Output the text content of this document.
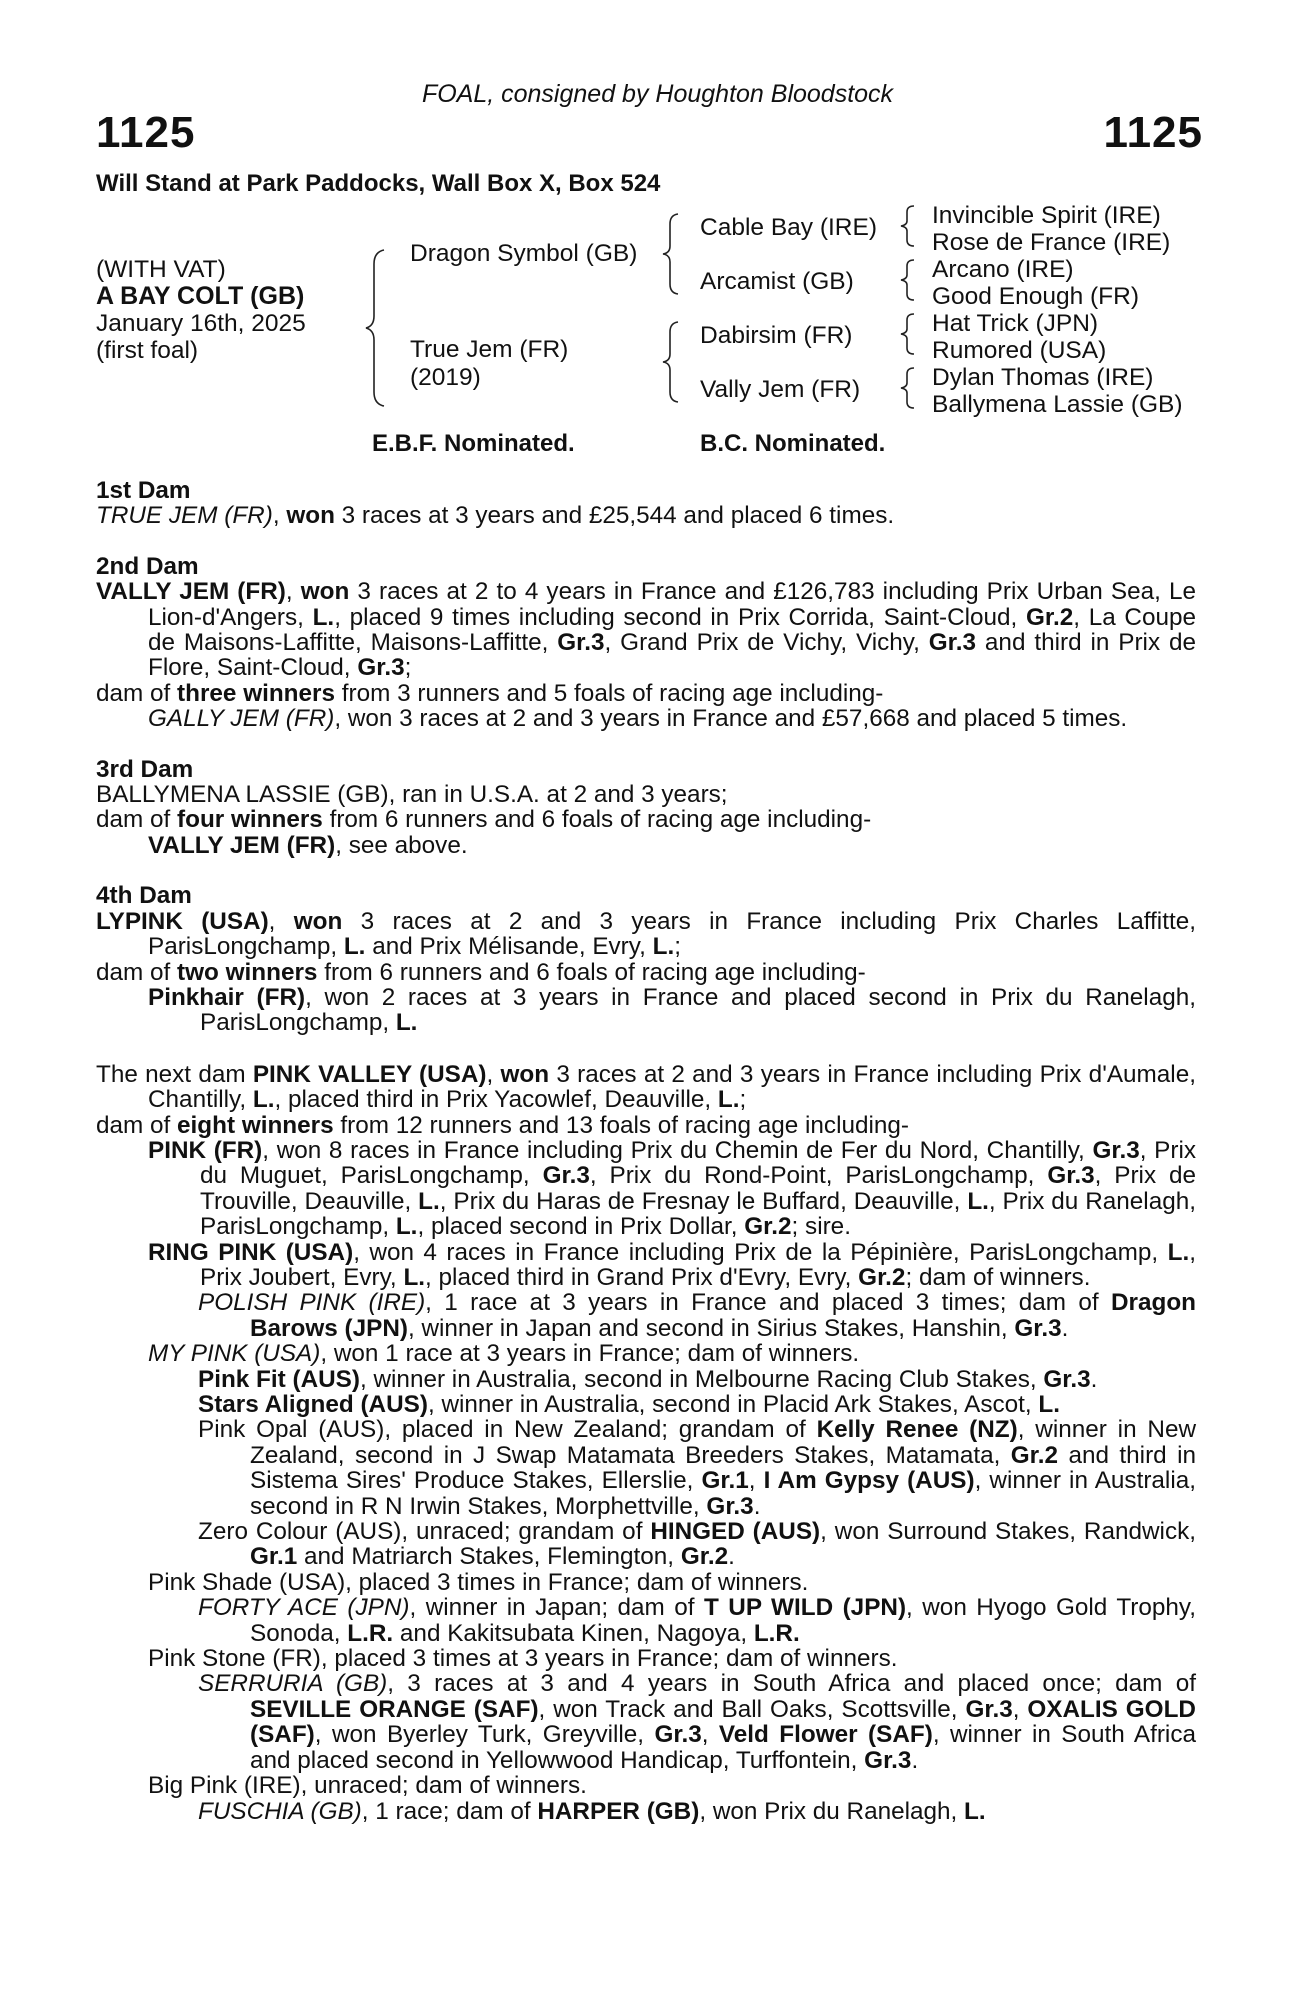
FOAL, consigned by Houghton Bloodstock
1125	1125
Will Stand at Park Paddocks, Wall Box X, Box 524
(WITH VAT)
A BAY COLT (GB)
January 16th, 2025
(first foal)
Dragon Symbol (GB)
True Jem (FR)
(2019)
Cable Bay (IRE)
Arcamist (GB)
Dabirsim (FR)
Vally Jem (FR)
Invincible Spirit (IRE)
Rose de France (IRE)
Arcano (IRE)
Good Enough (FR)
Hat Trick (JPN)
Rumored (USA)
Dylan Thomas (IRE)
Ballymena Lassie (GB)
E.B.F. Nominated.	B.C. Nominated.
1st Dam
TRUE JEM (FR), won 3 races at 3 years and £25,544 and placed 6 times.
2nd Dam
VALLY JEM (FR), won 3 races at 2 to 4 years in France and £126,783 including Prix Urban Sea, Le Lion-d'Angers, L., placed 9 times including second in Prix Corrida, Saint-Cloud, Gr.2, La Coupe de Maisons-Laffitte, Maisons-Laffitte, Gr.3, Grand Prix de Vichy, Vichy, Gr.3 and third in Prix de Flore, Saint-Cloud, Gr.3;
dam of three winners from 3 runners and 5 foals of racing age including-
GALLY JEM (FR), won 3 races at 2 and 3 years in France and £57,668 and placed 5 times.
3rd Dam
BALLYMENA LASSIE (GB), ran in U.S.A. at 2 and 3 years;
dam of four winners from 6 runners and 6 foals of racing age including-
VALLY JEM (FR), see above.
4th Dam
LYPINK (USA), won 3 races at 2 and 3 years in France including Prix Charles Laffitte, ParisLongchamp, L. and Prix Mélisande, Evry, L.;
dam of two winners from 6 runners and 6 foals of racing age including-
Pinkhair (FR), won 2 races at 3 years in France and placed second in Prix du Ranelagh, ParisLongchamp, L.
The next dam PINK VALLEY (USA), won 3 races at 2 and 3 years in France including Prix d'Aumale, Chantilly, L., placed third in Prix Yacowlef, Deauville, L.;
dam of eight winners from 12 runners and 13 foals of racing age including-
PINK (FR), won 8 races in France including Prix du Chemin de Fer du Nord, Chantilly, Gr.3, Prix du Muguet, ParisLongchamp, Gr.3, Prix du Rond-Point, ParisLongchamp, Gr.3, Prix de Trouville, Deauville, L., Prix du Haras de Fresnay le Buffard, Deauville, L., Prix du Ranelagh, ParisLongchamp, L., placed second in Prix Dollar, Gr.2; sire.
RING PINK (USA), won 4 races in France including Prix de la Pépinière, ParisLongchamp, L., Prix Joubert, Evry, L., placed third in Grand Prix d'Evry, Evry, Gr.2; dam of winners.
POLISH PINK (IRE), 1 race at 3 years in France and placed 3 times; dam of Dragon Barows (JPN), winner in Japan and second in Sirius Stakes, Hanshin, Gr.3.
MY PINK (USA), won 1 race at 3 years in France; dam of winners.
Pink Fit (AUS), winner in Australia, second in Melbourne Racing Club Stakes, Gr.3.
Stars Aligned (AUS), winner in Australia, second in Placid Ark Stakes, Ascot, L.
Pink Opal (AUS), placed in New Zealand; grandam of Kelly Renee (NZ), winner in New Zealand, second in J Swap Matamata Breeders Stakes, Matamata, Gr.2 and third in Sistema Sires' Produce Stakes, Ellerslie, Gr.1, I Am Gypsy (AUS), winner in Australia, second in R N Irwin Stakes, Morphettville, Gr.3.
Zero Colour (AUS), unraced; grandam of HINGED (AUS), won Surround Stakes, Randwick, Gr.1 and Matriarch Stakes, Flemington, Gr.2.
Pink Shade (USA), placed 3 times in France; dam of winners.
FORTY ACE (JPN), winner in Japan; dam of T UP WILD (JPN), won Hyogo Gold Trophy, Sonoda, L.R. and Kakitsubata Kinen, Nagoya, L.R.
Pink Stone (FR), placed 3 times at 3 years in France; dam of winners.
SERRURIA (GB), 3 races at 3 and 4 years in South Africa and placed once; dam of SEVILLE ORANGE (SAF), won Track and Ball Oaks, Scottsville, Gr.3, OXALIS GOLD (SAF), won Byerley Turk, Greyville, Gr.3, Veld Flower (SAF), winner in South Africa and placed second in Yellowwood Handicap, Turffontein, Gr.3.
Big Pink (IRE), unraced; dam of winners.
FUSCHIA (GB), 1 race; dam of HARPER (GB), won Prix du Ranelagh, L.
